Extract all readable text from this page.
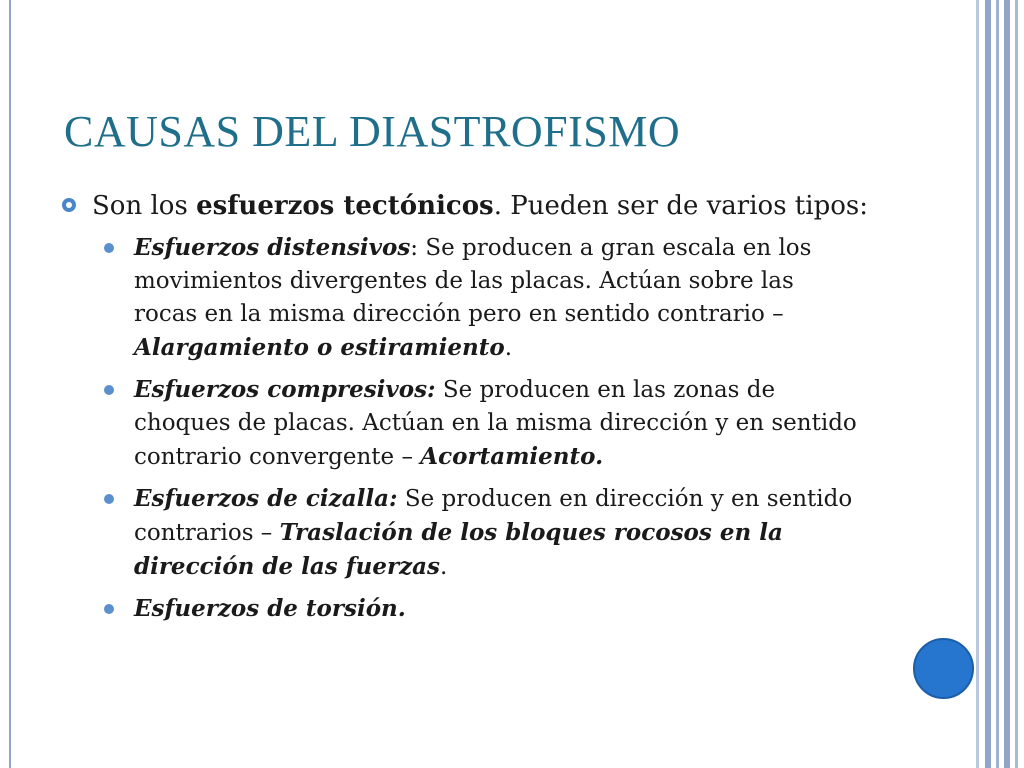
CAUSAS DEL DIASTROFISMO
Son los esfuerzos tectónicos. Pueden ser de varios tipos:
Esfuerzos distensivos: Se producen a gran escala en los movimientos divergentes de las placas. Actúan sobre las rocas en la misma dirección pero en sentido contrario – Alargamiento o estiramiento.
Esfuerzos compresivos: Se producen en las zonas de choques de placas. Actúan en la misma dirección y en sentido contrario convergente – Acortamiento.
Esfuerzos de cizalla: Se producen en dirección y en sentido contrarios – Traslación de los bloques rocosos en la dirección de las fuerzas.
Esfuerzos de torsión.
